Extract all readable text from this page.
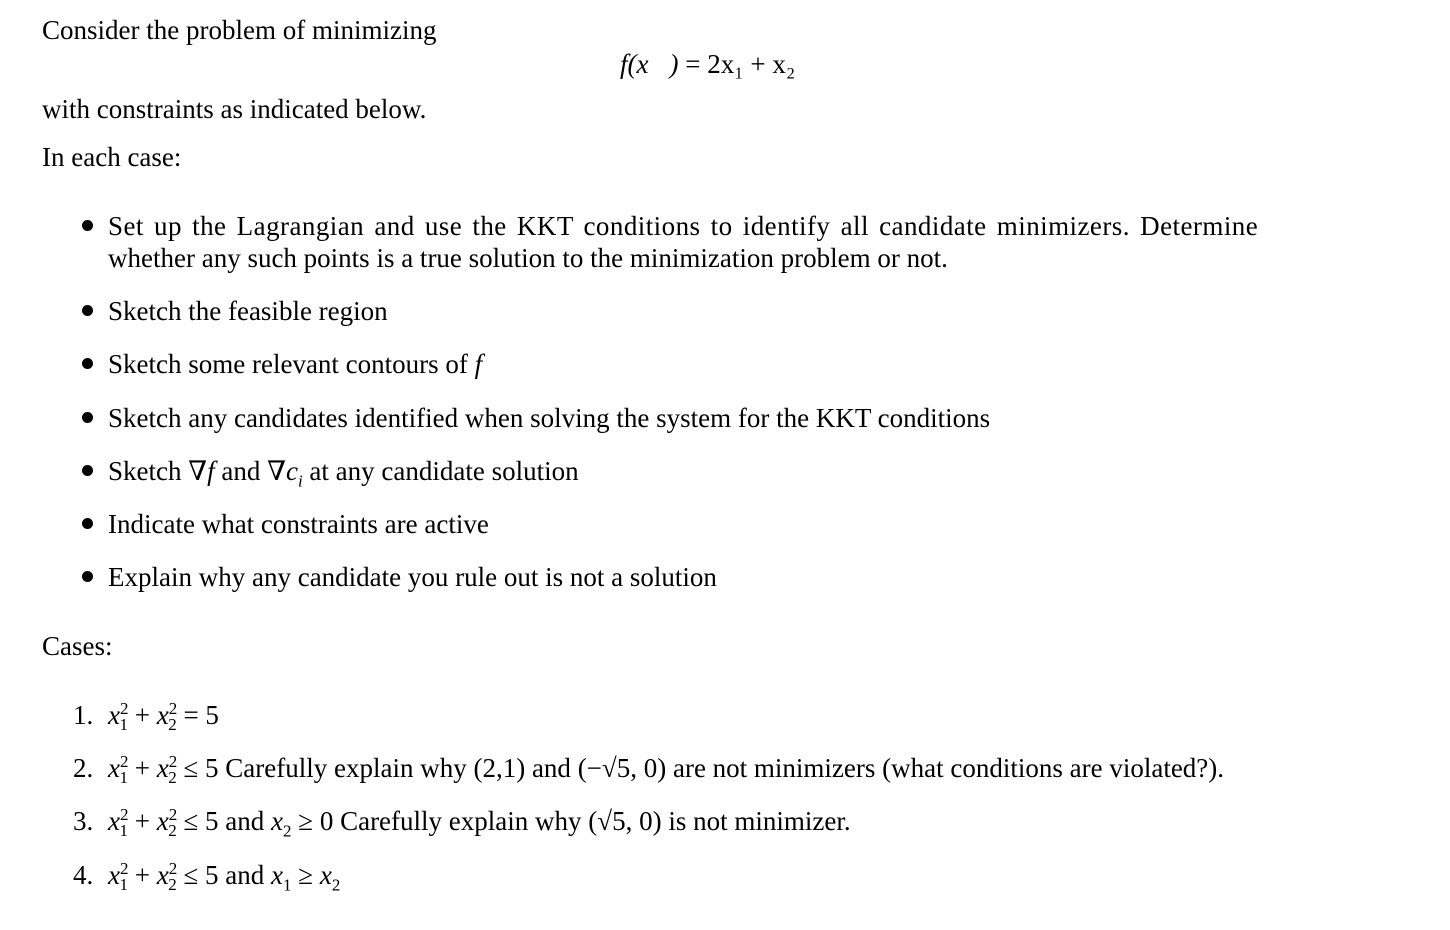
Consider the problem of minimizing
f(x⃗) = 2x₁ + x₂
with constraints as indicated below.
In each case:
Set up the Lagrangian and use the KKT conditions to identify all candidate minimizers. Determine
whether any such points is a true solution to the minimization problem or not.
Sketch the feasible region
Sketch some relevant contours of f
Sketch any candidates identified when solving the system for the KKT conditions
Sketch ∇f and $\nabla c_i$ at any candidate solution
Indicate what constraints are active
Explain why any candidate you rule out is not a solution
Cases:
1. $x^2_1 + x^2_2 = 5$
2. $x^2_1 + x^2_2 \le 5$ Carefully explain why (2,1) and (−√5, 0) are not minimizers (what conditions are violated?).
3. $x^2_1 + x^2_2 \le 5$ and $x_2 \ge 0$ Carefully explain why (√5, 0) is not minimizer.
4. $x^2_1 + x^2_2 \le 5$ and $x_1 \ge x_2$
